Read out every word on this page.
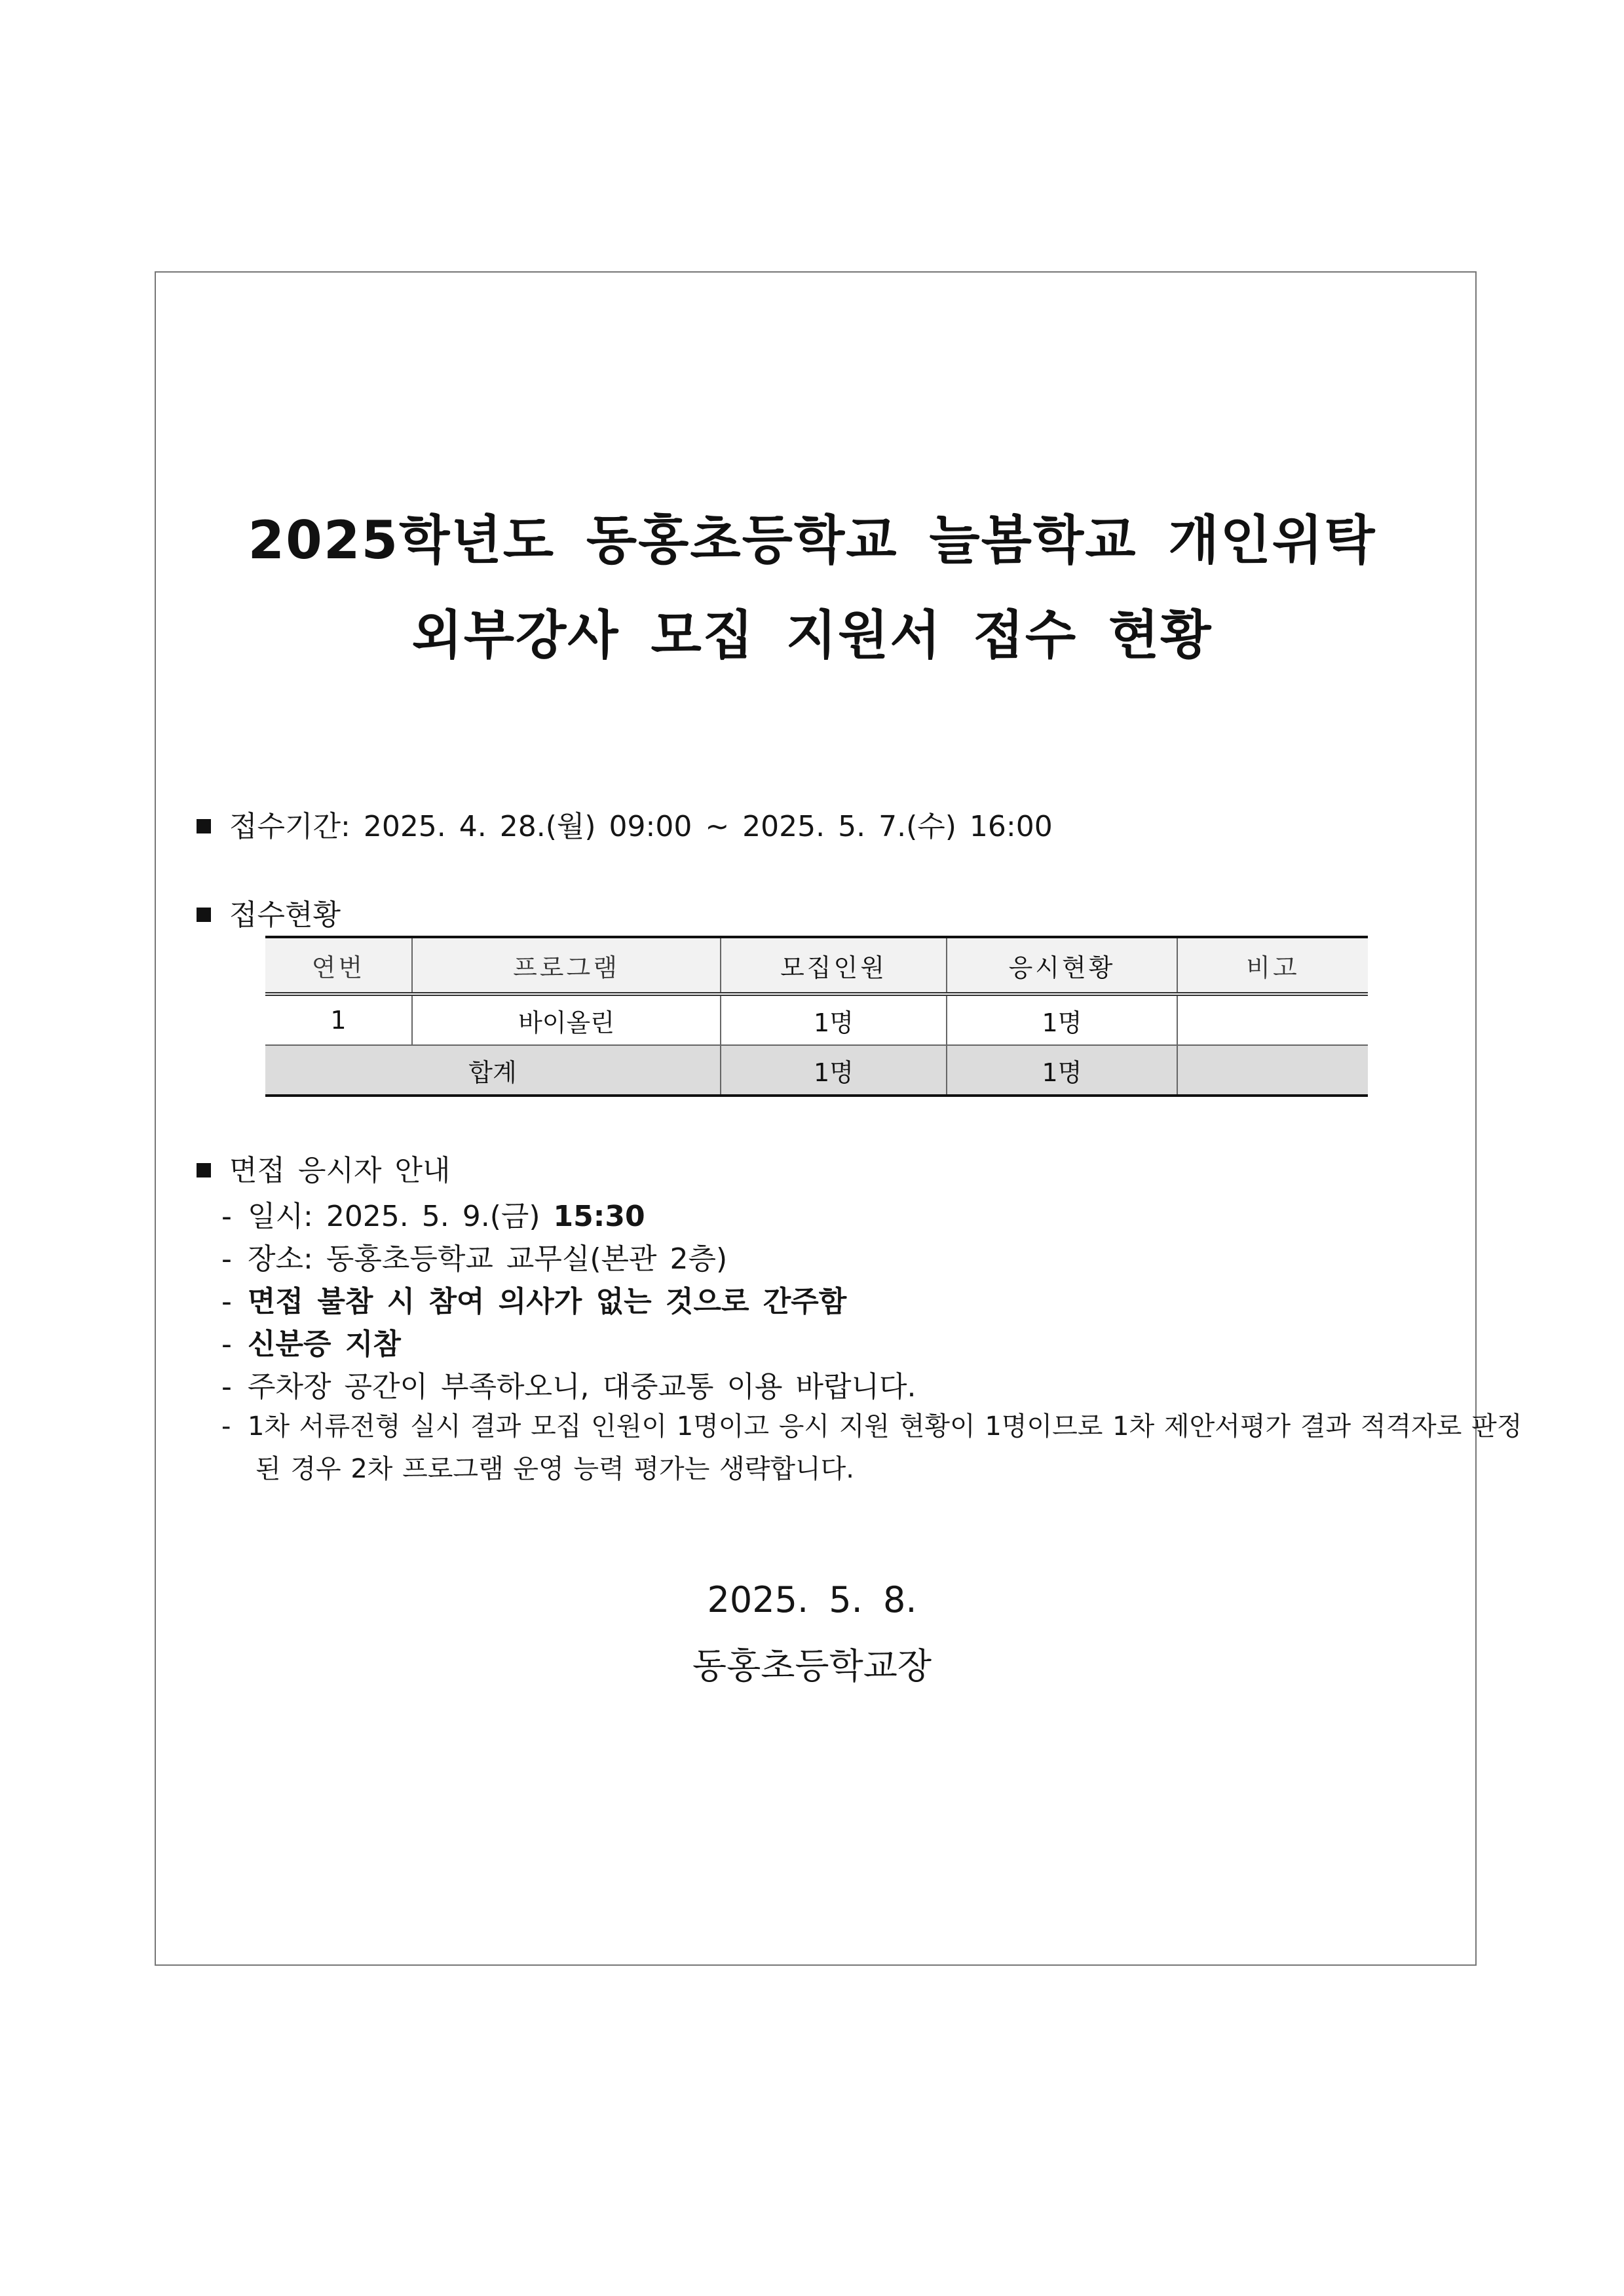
2025학년도 동홍초등학교 늘봄학교 개인위탁
외부강사 모집 지원서 접수 현황
접수기간: 2025. 4. 28.(월) 09:00 ~ 2025. 5. 7.(수) 16:00
접수현황
연번	프로그램	모집인원	응시현황	비고
1	바이올린	1명	1명	
합계		1명	1명	
면접 응시자 안내
- 일시: 2025. 5. 9.(금) 15:30
- 장소: 동홍초등학교 교무실(본관 2층)
- 면접 불참 시 참여 의사가 없는 것으로 간주함
- 신분증 지참
- 주차장 공간이 부족하오니, 대중교통 이용 바랍니다.
- 1차 서류전형 실시 결과 모집 인원이 1명이고 응시 지원 현황이 1명이므로 1차 제안서평가 결과 적격자로 판정
된 경우 2차 프로그램 운영 능력 평가는 생략합니다.
2025. 5. 8.
동홍초등학교장
